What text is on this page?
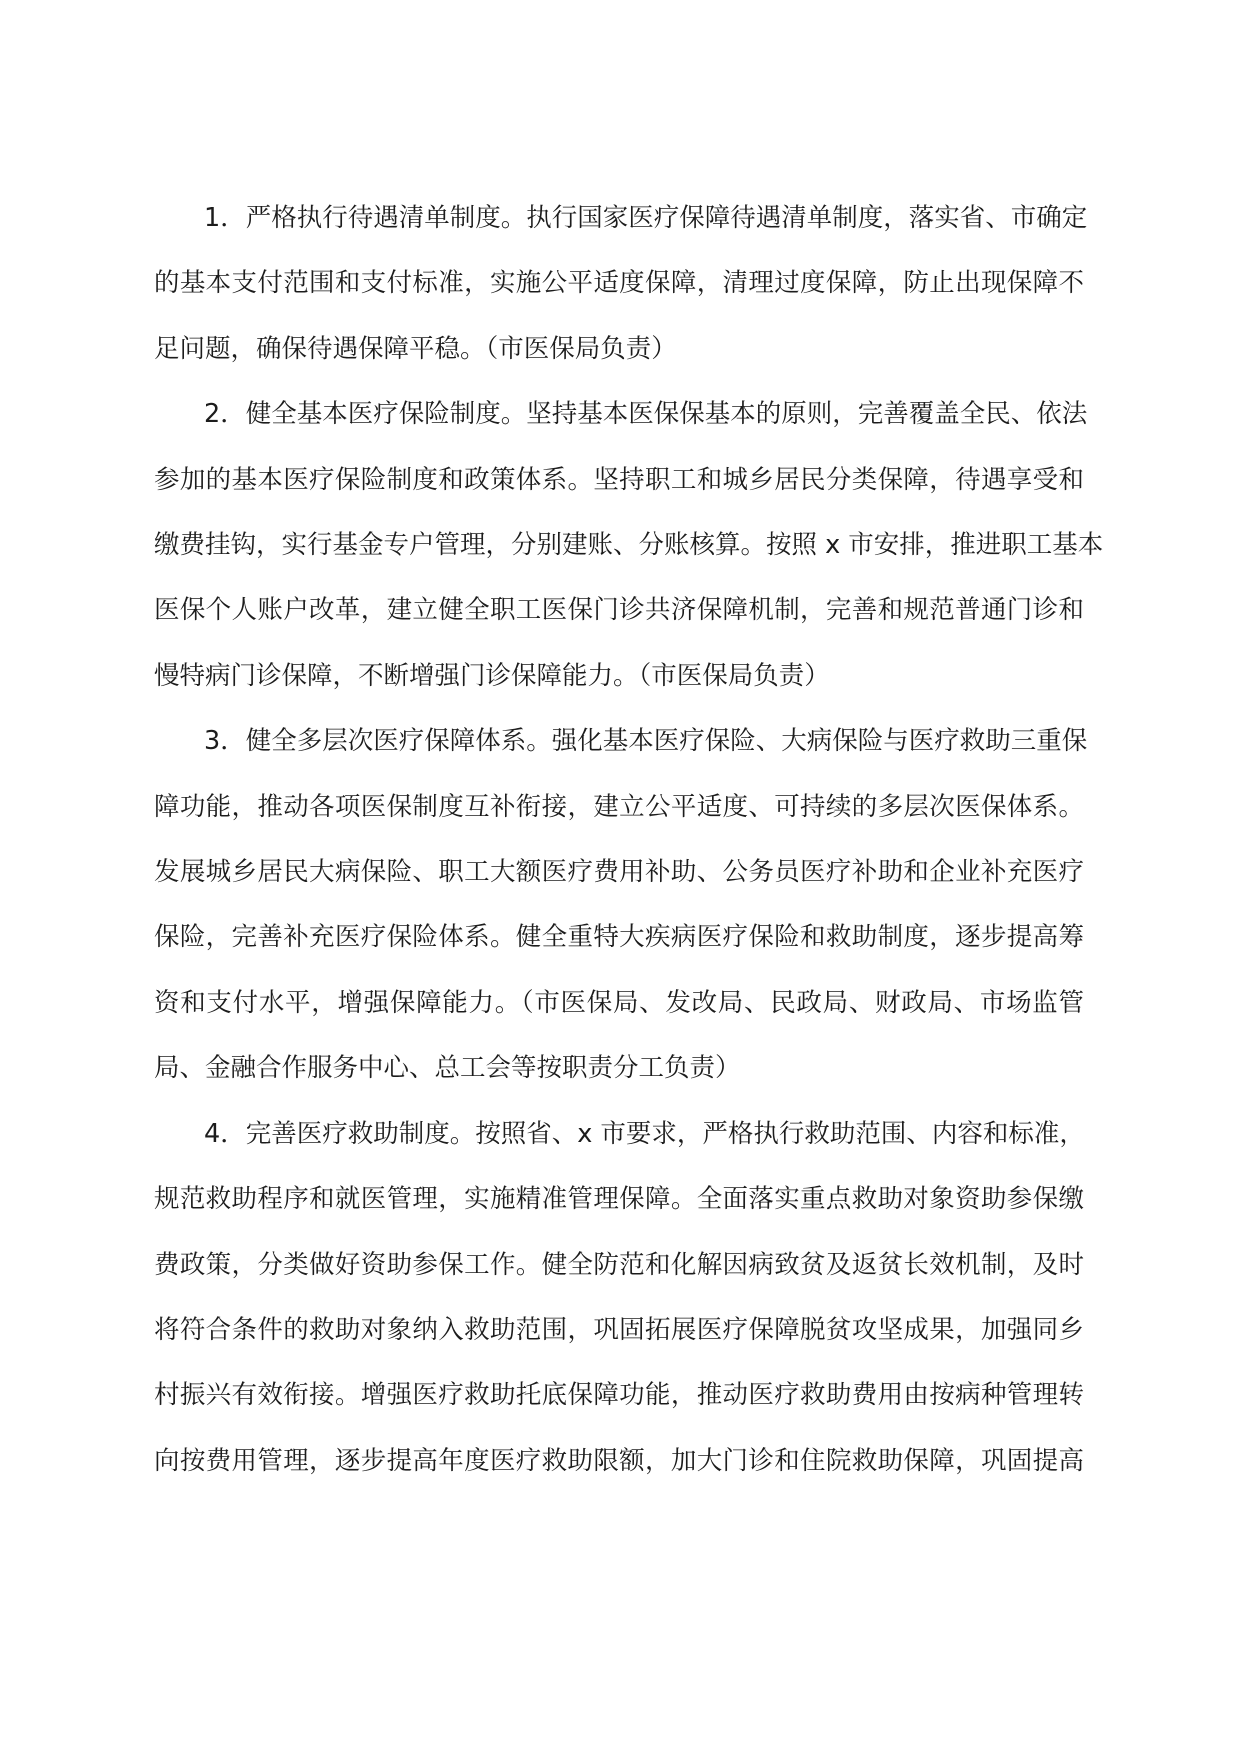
1．严格执行待遇清单制度。执行国家医疗保障待遇清单制度，落实省、市确定
的基本支付范围和支付标准，实施公平适度保障，清理过度保障，防止出现保障不
足问题，确保待遇保障平稳。（市医保局负责）
2．健全基本医疗保险制度。坚持基本医保保基本的原则，完善覆盖全民、依法
参加的基本医疗保险制度和政策体系。坚持职工和城乡居民分类保障，待遇享受和
缴费挂钩，实行基金专户管理，分别建账、分账核算。按照 x 市安排，推进职工基本
医保个人账户改革，建立健全职工医保门诊共济保障机制，完善和规范普通门诊和
慢特病门诊保障，不断增强门诊保障能力。（市医保局负责）
3．健全多层次医疗保障体系。强化基本医疗保险、大病保险与医疗救助三重保
障功能，推动各项医保制度互补衔接，建立公平适度、可持续的多层次医保体系。
发展城乡居民大病保险、职工大额医疗费用补助、公务员医疗补助和企业补充医疗
保险，完善补充医疗保险体系。健全重特大疾病医疗保险和救助制度，逐步提高筹
资和支付水平，增强保障能力。（市医保局、发改局、民政局、财政局、市场监管
局、金融合作服务中心、总工会等按职责分工负责）
4．完善医疗救助制度。按照省、x 市要求，严格执行救助范围、内容和标准，
规范救助程序和就医管理，实施精准管理保障。全面落实重点救助对象资助参保缴
费政策，分类做好资助参保工作。健全防范和化解因病致贫及返贫长效机制，及时
将符合条件的救助对象纳入救助范围，巩固拓展医疗保障脱贫攻坚成果，加强同乡
村振兴有效衔接。增强医疗救助托底保障功能，推动医疗救助费用由按病种管理转
向按费用管理，逐步提高年度医疗救助限额，加大门诊和住院救助保障，巩固提高
